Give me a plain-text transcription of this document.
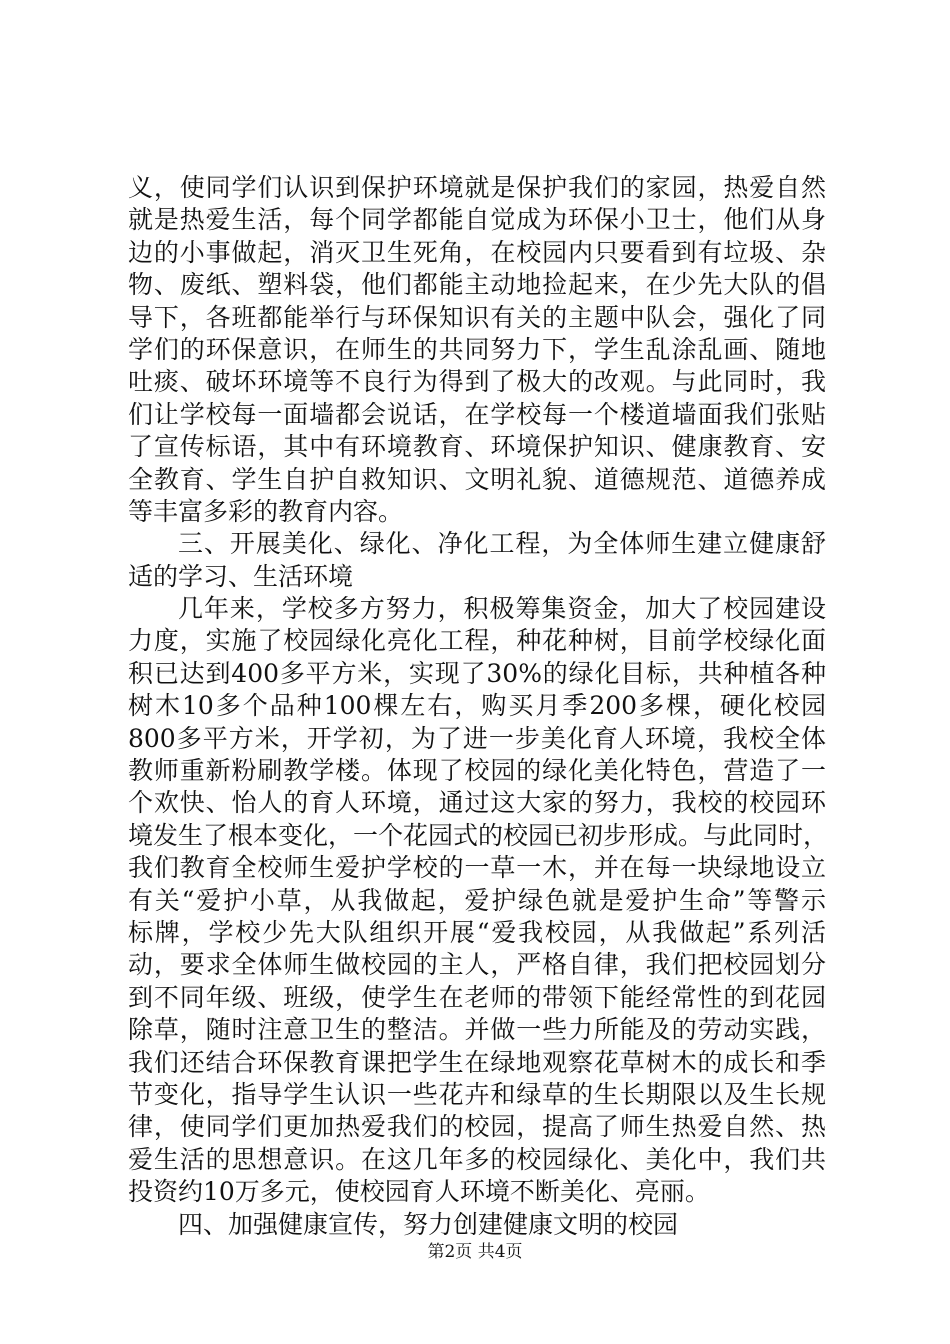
义，使同学们认识到保护环境就是保护我们的家园，热爱自然
就是热爱生活，每个同学都能自觉成为环保小卫士，他们从身
边的小事做起，消灭卫生死角，在校园内只要看到有垃圾、杂
物、废纸、塑料袋，他们都能主动地捡起来，在少先大队的倡
导下，各班都能举行与环保知识有关的主题中队会，强化了同
学们的环保意识，在师生的共同努力下，学生乱涂乱画、随地
吐痰、破坏环境等不良行为得到了极大的改观。与此同时，我
们让学校每一面墙都会说话，在学校每一个楼道墙面我们张贴
了宣传标语，其中有环境教育、环境保护知识、健康教育、安
全教育、学生自护自救知识、文明礼貌、道德规范、道德养成
等丰富多彩的教育内容。
三、开展美化、绿化、净化工程，为全体师生建立健康舒
适的学习、生活环境
几年来，学校多方努力，积极筹集资金，加大了校园建设
力度，实施了校园绿化亮化工程，种花种树，目前学校绿化面
积已达到400多平方米，实现了30%的绿化目标，共种植各种
树木10多个品种100棵左右，购买月季200多棵，硬化校园
800多平方米，开学初，为了进一步美化育人环境，我校全体
教师重新粉刷教学楼。体现了校园的绿化美化特色，营造了一
个欢快、怡人的育人环境，通过这大家的努力，我校的校园环
境发生了根本变化，一个花园式的校园已初步形成。与此同时，
我们教育全校师生爱护学校的一草一木，并在每一块绿地设立
有关“爱护小草，从我做起，爱护绿色就是爱护生命”等警示
标牌，学校少先大队组织开展“爱我校园，从我做起”系列活
动，要求全体师生做校园的主人，严格自律，我们把校园划分
到不同年级、班级，使学生在老师的带领下能经常性的到花园
除草，随时注意卫生的整洁。并做一些力所能及的劳动实践，
我们还结合环保教育课把学生在绿地观察花草树木的成长和季
节变化，指导学生认识一些花卉和绿草的生长期限以及生长规
律，使同学们更加热爱我们的校园，提高了师生热爱自然、热
爱生活的思想意识。在这几年多的校园绿化、美化中，我们共
投资约10万多元，使校园育人环境不断美化、亮丽。
四、加强健康宣传，努力创建健康文明的校园
第2页 共4页
